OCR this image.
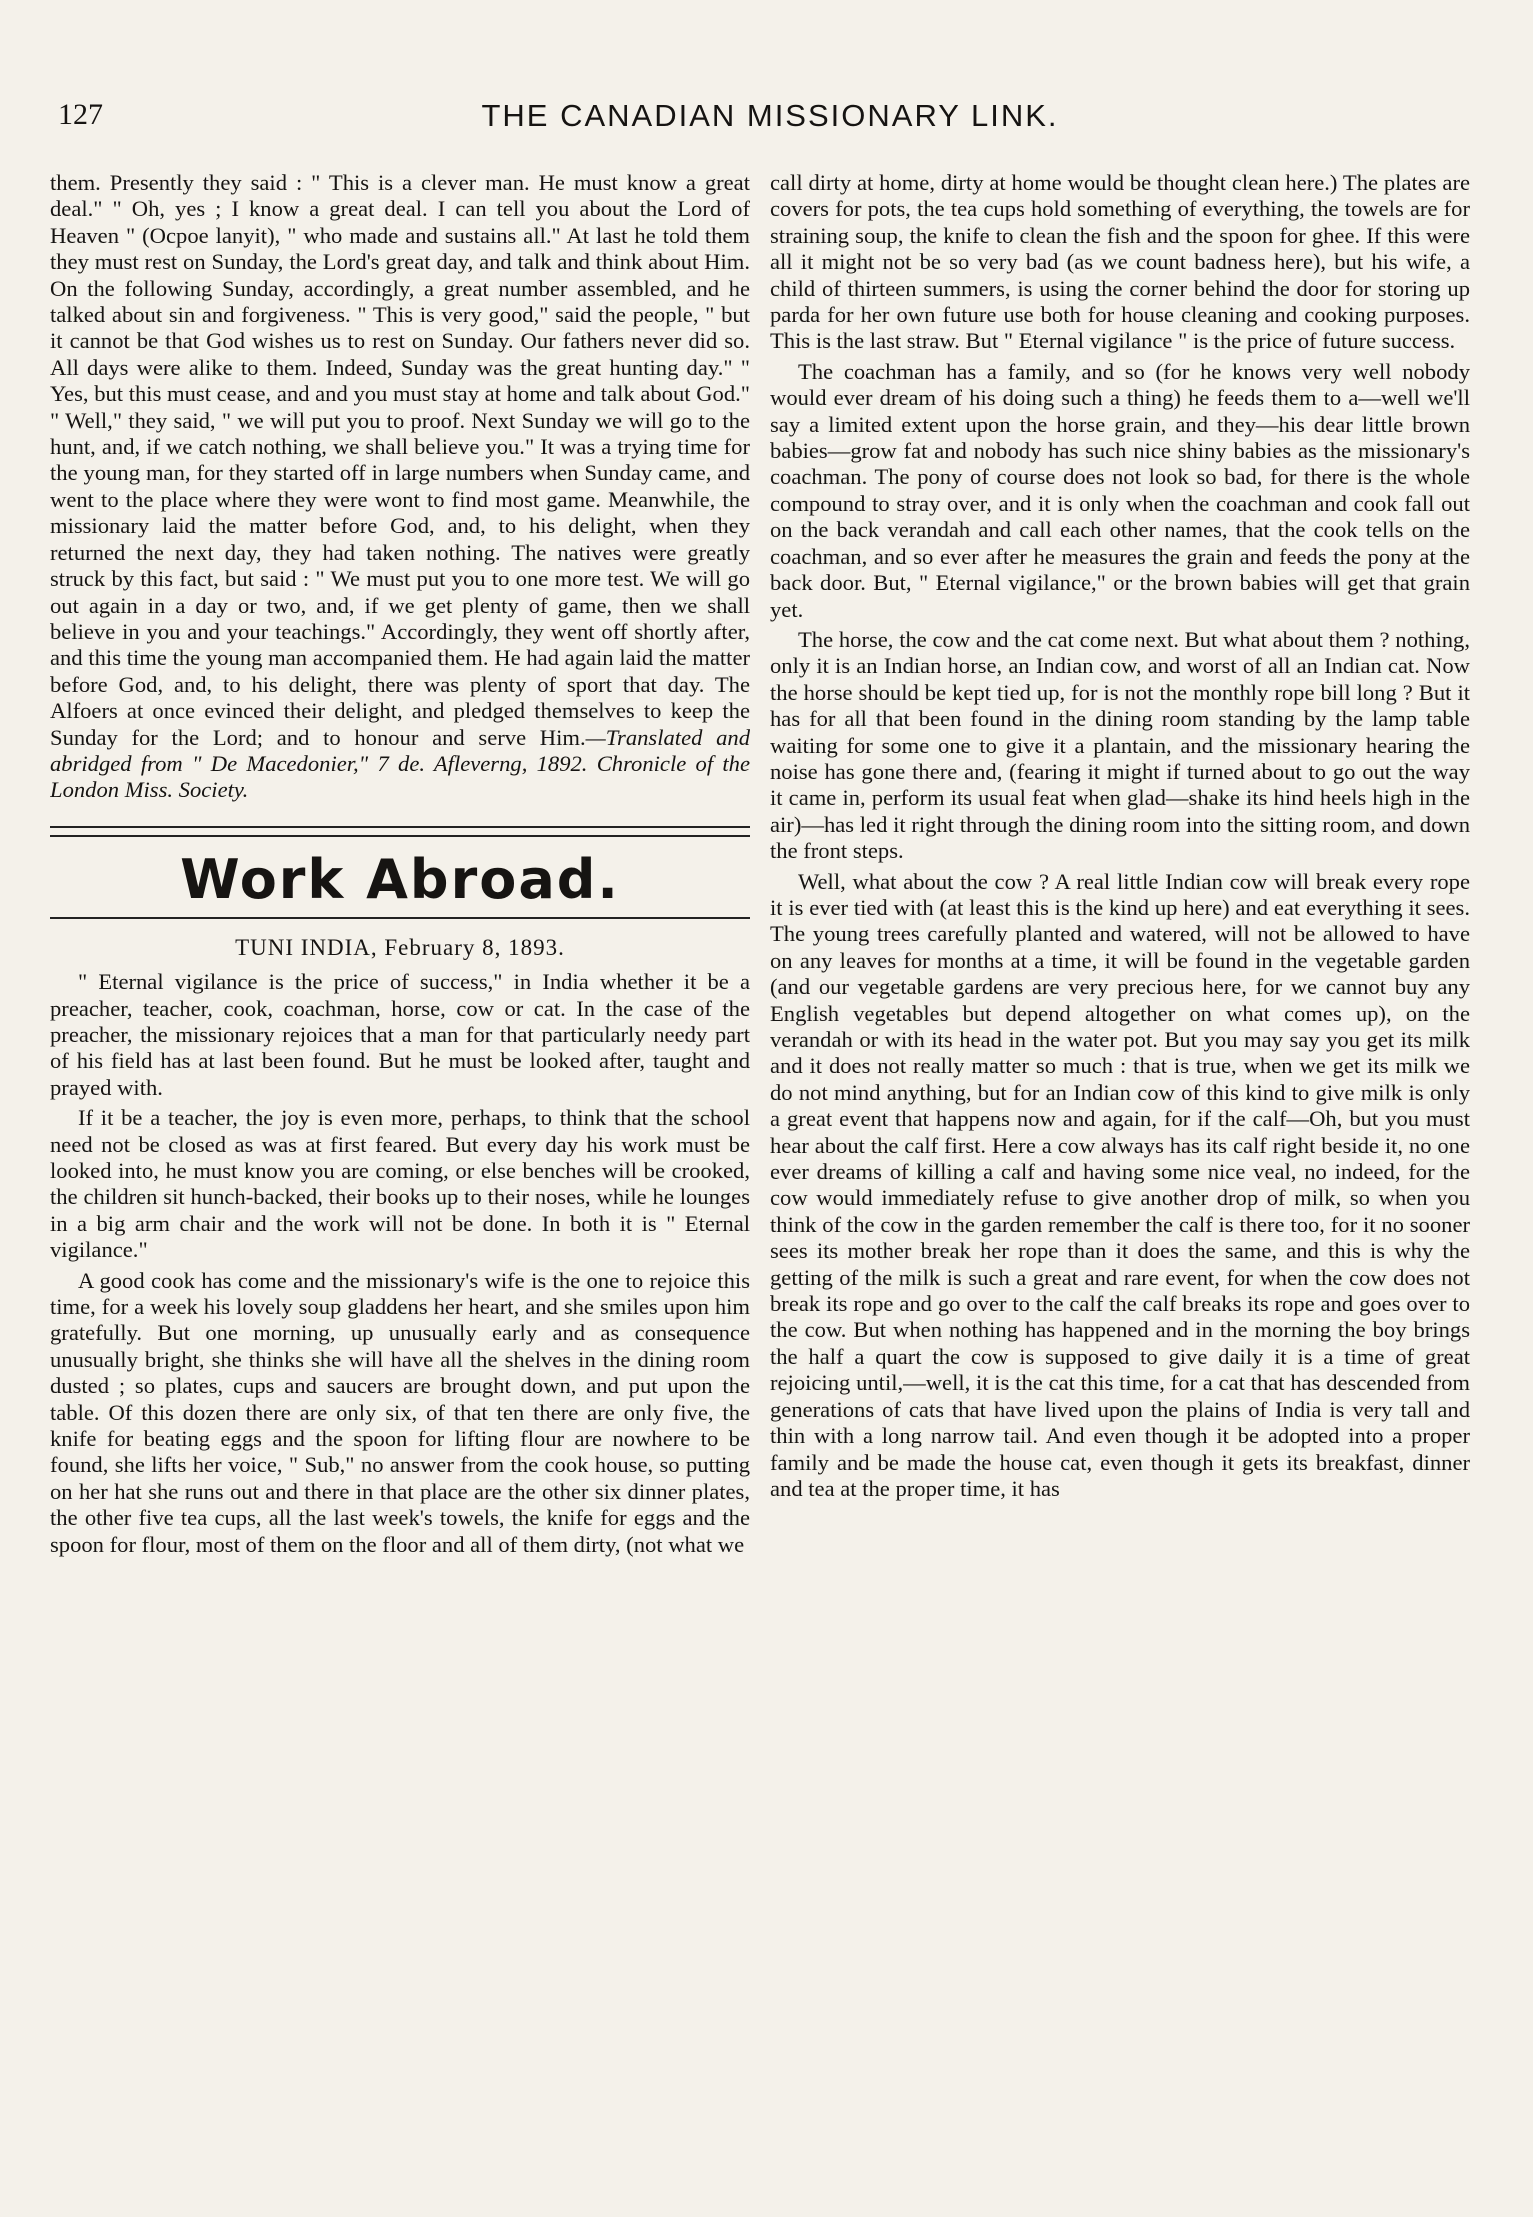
127	THE CANADIAN MISSIONARY LINK.

them. Presently they said : " This is a clever man. He must know a great deal." " Oh, yes ; I know a great deal. I can tell you about the Lord of Heaven " (Ocpoe lanyit), " who made and sustains all." At last he told them they must rest on Sunday, the Lord's great day, and talk and think about Him. On the following Sunday, accordingly, a great number assembled, and he talked about sin and forgiveness. " This is very good," said the people, " but it cannot be that God wishes us to rest on Sunday. Our fathers never did so. All days were alike to them. Indeed, Sunday was the great hunting day." " Yes, but this must cease, and and you must stay at home and talk about God." " Well," they said, " we will put you to proof. Next Sunday we will go to the hunt, and, if we catch nothing, we shall believe you." It was a trying time for the young man, for they started off in large numbers when Sunday came, and went to the place where they were wont to find most game. Meanwhile, the missionary laid the matter before God, and, to his delight, when they returned the next day, they had taken nothing. The natives were greatly struck by this fact, but said : " We must put you to one more test. We will go out again in a day or two, and, if we get plenty of game, then we shall believe in you and your teachings." Accordingly, they went off shortly after, and this time the young man accompanied them. He had again laid the matter before God, and, to his delight, there was plenty of sport that day. The Alfoers at once evinced their delight, and pledged themselves to keep the Sunday for the Lord; and to honour and serve Him.—Translated and abridged from " De Macedonier," 7 de. Afleverng, 1892. Chronicle of the London Miss. Society.

Work Abroad.
TUNI INDIA, February 8, 1893.

" Eternal vigilance is the price of success," in India whether it be a preacher, teacher, cook, coachman, horse, cow or cat. In the case of the preacher, the missionary rejoices that a man for that particularly needy part of his field has at last been found. But he must be looked after, taught and prayed with.

If it be a teacher, the joy is even more, perhaps, to think that the school need not be closed as was at first feared. But every day his work must be looked into, he must know you are coming, or else benches will be crooked, the children sit hunch-backed, their books up to their noses, while he lounges in a big arm chair and the work will not be done. In both it is " Eternal vigilance."

A good cook has come and the missionary's wife is the one to rejoice this time, for a week his lovely soup gladdens her heart, and she smiles upon him gratefully. But one morning, up unusually early and as consequence unusually bright, she thinks she will have all the shelves in the dining room dusted ; so plates, cups and saucers are brought down, and put upon the table. Of this dozen there are only six, of that ten there are only five, the knife for beating eggs and the spoon for lifting flour are nowhere to be found, she lifts her voice, " Sub," no answer from the cook house, so putting on her hat she runs out and there in that place are the other six dinner plates, the other five tea cups, all the last week's towels, the knife for eggs and the spoon for flour, most of them on the floor and all of them dirty, (not what we

call dirty at home, dirty at home would be thought clean here.) The plates are covers for pots, the tea cups hold something of everything, the towels are for straining soup, the knife to clean the fish and the spoon for ghee. If this were all it might not be so very bad (as we count badness here), but his wife, a child of thirteen summers, is using the corner behind the door for storing up parda for her own future use both for house cleaning and cooking purposes. This is the last straw. But " Eternal vigilance " is the price of future success.

The coachman has a family, and so (for he knows very well nobody would ever dream of his doing such a thing) he feeds them to a—well we'll say a limited extent upon the horse grain, and they—his dear little brown babies—grow fat and nobody has such nice shiny babies as the missionary's coachman. The pony of course does not look so bad, for there is the whole compound to stray over, and it is only when the coachman and cook fall out on the back verandah and call each other names, that the cook tells on the coachman, and so ever after he measures the grain and feeds the pony at the back door. But, " Eternal vigilance," or the brown babies will get that grain yet.

The horse, the cow and the cat come next. But what about them ? nothing, only it is an Indian horse, an Indian cow, and worst of all an Indian cat. Now the horse should be kept tied up, for is not the monthly rope bill long ? But it has for all that been found in the dining room standing by the lamp table waiting for some one to give it a plantain, and the missionary hearing the noise has gone there and, (fearing it might if turned about to go out the way it came in, perform its usual feat when glad—shake its hind heels high in the air)—has led it right through the dining room into the sitting room, and down the front steps.

Well, what about the cow ? A real little Indian cow will break every rope it is ever tied with (at least this is the kind up here) and eat everything it sees. The young trees carefully planted and watered, will not be allowed to have on any leaves for months at a time, it will be found in the vegetable garden (and our vegetable gardens are very precious here, for we cannot buy any English vegetables but depend altogether on what comes up), on the verandah or with its head in the water pot. But you may say you get its milk and it does not really matter so much : that is true, when we get its milk we do not mind anything, but for an Indian cow of this kind to give milk is only a great event that happens now and again, for if the calf—Oh, but you must hear about the calf first. Here a cow always has its calf right beside it, no one ever dreams of killing a calf and having some nice veal, no indeed, for the cow would immediately refuse to give another drop of milk, so when you think of the cow in the garden remember the calf is there too, for it no sooner sees its mother break her rope than it does the same, and this is why the getting of the milk is such a great and rare event, for when the cow does not break its rope and go over to the calf the calf breaks its rope and goes over to the cow. But when nothing has happened and in the morning the boy brings the half a quart the cow is supposed to give daily it is a time of great rejoicing until,—well, it is the cat this time, for a cat that has descended from generations of cats that have lived upon the plains of India is very tall and thin with a long narrow tail. And even though it be adopted into a proper family and be made the house cat, even though it gets its breakfast, dinner and tea at the proper time, it has
